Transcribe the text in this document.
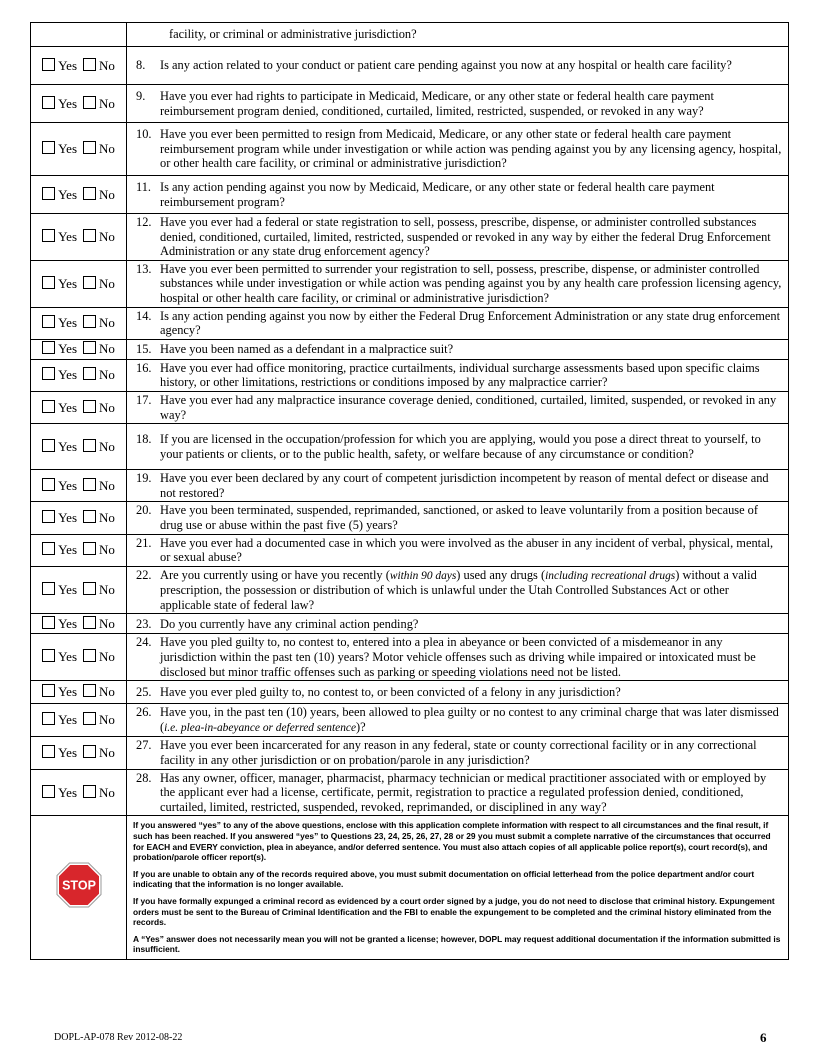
	facility, or criminal or administrative jurisdiction?

Yes No	8. Is any action related to your conduct or patient care pending against you now at any hospital or health care facility?

Yes No	9. Have you ever had rights to participate in Medicaid, Medicare, or any other state or federal health care payment reimbursement program denied, conditioned, curtailed, limited, restricted, suspended, or revoked in any way?

Yes No	10. Have you ever been permitted to resign from Medicaid, Medicare, or any other state or federal health care payment reimbursement program while under investigation or while action was pending against you by any licensing agency, hospital, or other health care facility, or criminal or administrative jurisdiction?

Yes No	11. Is any action pending against you now by Medicaid, Medicare, or any other state or federal health care payment reimbursement program?

Yes No	12. Have you ever had a federal or state registration to sell, possess, prescribe, dispense, or administer controlled substances denied, conditioned, curtailed, limited, restricted, suspended or revoked in any way by either the federal Drug Enforcement Administration or any state drug enforcement agency?

Yes No	13. Have you ever been permitted to surrender your registration to sell, possess, prescribe, dispense, or administer controlled substances while under investigation or while action was pending against you by any health care profession licensing agency, hospital or other health care facility, or criminal or administrative jurisdiction?

Yes No	14. Is any action pending against you now by either the Federal Drug Enforcement Administration or any state drug enforcement agency?

Yes No	15. Have you been named as a defendant in a malpractice suit?

Yes No	16. Have you ever had office monitoring, practice curtailments, individual surcharge assessments based upon specific claims history, or other limitations, restrictions or conditions imposed by any malpractice carrier?

Yes No	17. Have you ever had any malpractice insurance coverage denied, conditioned, curtailed, limited, suspended, or revoked in any way?

Yes No	18. If you are licensed in the occupation/profession for which you are applying, would you pose a direct threat to yourself, to your patients or clients, or to the public health, safety, or welfare because of any circumstance or condition?

Yes No	19. Have you ever been declared by any court of competent jurisdiction incompetent by reason of mental defect or disease and not restored?

Yes No	20. Have you been terminated, suspended, reprimanded, sanctioned, or asked to leave voluntarily from a position because of drug use or abuse within the past five (5) years?

Yes No	21. Have you ever had a documented case in which you were involved as the abuser in any incident of verbal, physical, mental, or sexual abuse?

Yes No	22. Are you currently using or have you recently (within 90 days) used any drugs (including recreational drugs) without a valid prescription, the possession or distribution of which is unlawful under the Utah Controlled Substances Act or other applicable state of federal law?

Yes No	23. Do you currently have any criminal action pending?

Yes No	24. Have you pled guilty to, no contest to, entered into a plea in abeyance or been convicted of a misdemeanor in any jurisdiction within the past ten (10) years? Motor vehicle offenses such as driving while impaired or intoxicated must be disclosed but minor traffic offenses such as parking or speeding violations need not be listed.

Yes No	25. Have you ever pled guilty to, no contest to, or been convicted of a felony in any jurisdiction?

Yes No	26. Have you, in the past ten (10) years, been allowed to plea guilty or no contest to any criminal charge that was later dismissed (i.e. plea-in-abeyance or deferred sentence)?

Yes No	27. Have you ever been incarcerated for any reason in any federal, state or county correctional facility or in any correctional facility in any other jurisdiction or on probation/parole in any jurisdiction?

Yes No	28. Has any owner, officer, manager, pharmacist, pharmacy technician or medical practitioner associated with or employed by the applicant ever had a license, certificate, permit, registration to practice a regulated profession denied, conditioned, curtailed, limited, restricted, suspended, revoked, reprimanded, or disciplined in any way?

STOP	If you answered “yes” to any of the above questions, enclose with this application complete information with respect to all circumstances and the final result, if such has been reached. If you answered “yes” to Questions 23, 24, 25, 26, 27, 28 or 29 you must submit a complete narrative of the circumstances that occurred for EACH and EVERY conviction, plea in abeyance, and/or deferred sentence. You must also attach copies of all applicable police report(s), court record(s), and probation/parole officer report(s).

If you are unable to obtain any of the records required above, you must submit documentation on official letterhead from the police department and/or court indicating that the information is no longer available.

If you have formally expunged a criminal record as evidenced by a court order signed by a judge, you do not need to disclose that criminal history. Expungement orders must be sent to the Bureau of Criminal Identification and the FBI to enable the expungement to be completed and the criminal history eliminated from the records.

A “Yes” answer does not necessarily mean you will not be granted a license; however, DOPL may request additional documentation if the information submitted is insufficient.

DOPL-AP-078 Rev 2012-08-22	6
